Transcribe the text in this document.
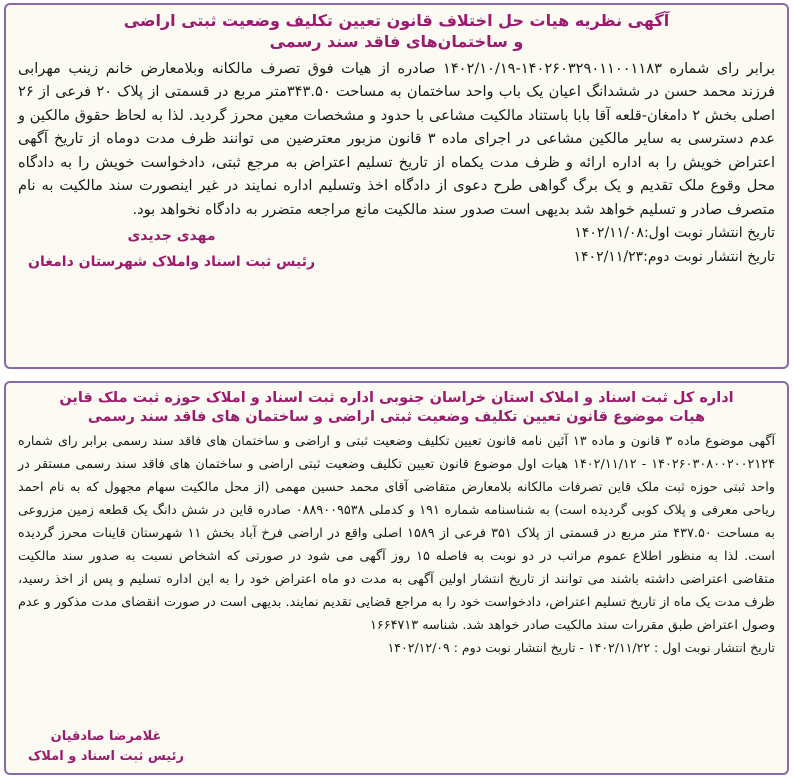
آگهی نظریه هیات حل اختلاف قانون تعیین تکلیف وضعیت ثبتی اراضی
و ساختمان‌های فاقد سند رسمی
برابر رای شماره ۱۴۰۲۶۰۳۲۹۰۱۱۰۰۱۱۸۳-۱۴۰۲/۱۰/۱۹ صادره از هیات فوق تصرف مالکانه وبلامعارض خانم زینب مهرابی فرزند محمد حسن در ششدانگ اعیان یک باب واحد ساختمان به مساحت ۳۴۳.۵۰متر مربع در قسمتی از پلاک ۲۰ فرعی از ۲۶ اصلی بخش ۲ دامغان-قلعه آقا بابا باستناد مالکیت مشاعی با حدود و مشخصات معین محرز گردید. لذا به لحاظ حقوق مالکین و عدم دسترسی به سایر مالکین مشاعی در اجرای ماده ۳ قانون مزبور معترضین می توانند ظرف مدت دوماه از تاریخ آگهی اعتراض خویش را به اداره ارائه و ظرف مدت یکماه از تاریخ تسلیم اعتراض به مرجع ثبتی، دادخواست خویش را به دادگاه محل وقوع ملک تقدیم و یک برگ گواهی طرح دعوی از دادگاه اخذ وتسلیم اداره نمایند در غیر اینصورت سند مالکیت به نام متصرف صادر و تسلیم خواهد شد بدیهی است صدور سند مالکیت مانع مراجعه متضرر به دادگاه نخواهد بود.
تاریخ انتشار نوبت اول:۱۴۰۲/۱۱/۰۸
تاریخ انتشار نوبت دوم:۱۴۰۲/۱۱/۲۳
مهدی جدیدی
رئیس ثبت اسناد واملاک شهرستان دامغان
اداره کل ثبت اسناد و املاک استان خراسان جنوبی اداره ثبت اسناد و املاک حوزه ثبت ملک قاین
هیات موضوع قانون تعیین تکلیف وضعیت ثبتی اراضی و ساختمان های فاقد سند رسمی
آگهی موضوع ماده ۳ قانون و ماده ۱۳ آئین نامه قانون تعیین تکلیف وضعیت ثبتی و اراضی و ساختمان های فاقد سند رسمی برابر رای شماره ۱۴۰۲۶۰۳۰۸۰۰۲۰۰۲۱۲۴ - ۱۴۰۲/۱۱/۱۲ هیات اول موضوع قانون تعیین تکلیف وضعیت ثبتی اراضی و ساختمان های فاقد سند رسمی مستقر در واحد ثبتی حوزه ثبت ملک قاین تصرفات مالکانه بلامعارض متقاضی آقای محمد حسین مهمی (از محل مالکیت سهام مجهول که به نام احمد ریاحی معرفی و پلاک کوبی گردیده است) به شناسنامه شماره ۱۹۱ و کدملی ۰۸۸۹۰۰۹۵۳۸ صادره قاین در شش دانگ یک قطعه زمین مزروعی به مساحت ۴۳۷.۵۰ متر مربع در قسمتی از پلاک ۳۵۱ فرعی از ۱۵۸۹ اصلی واقع در اراضی فرخ آباد بخش ۱۱ شهرستان قاینات محرز گردیده است. لذا به منظور اطلاع عموم مراتب در دو نوبت به فاصله ۱۵ روز آگهی می شود در صورتی که اشخاص نسبت به صدور سند مالکیت متقاضی اعتراضی داشته باشند می توانند از تاریخ انتشار اولین آگهی به مدت دو ماه اعتراض خود را به این اداره تسلیم و پس از اخذ رسید، ظرف مدت یک ماه از تاریخ تسلیم اعتراض، دادخواست خود را به مراجع قضایی تقدیم نمایند. بدیهی است در صورت انقضای مدت مذکور و عدم وصول اعتراض طبق مقررات سند مالکیت صادر خواهد شد. شناسه ۱۶۶۴۷۱۳
تاریخ انتشار نوبت اول : ۱۴۰۲/۱۱/۲۲ - تاریخ انتشار نوبت دوم : ۱۴۰۲/۱۲/۰۹
غلامرضا صادقیان
رئیس ثبت اسناد و املاک
